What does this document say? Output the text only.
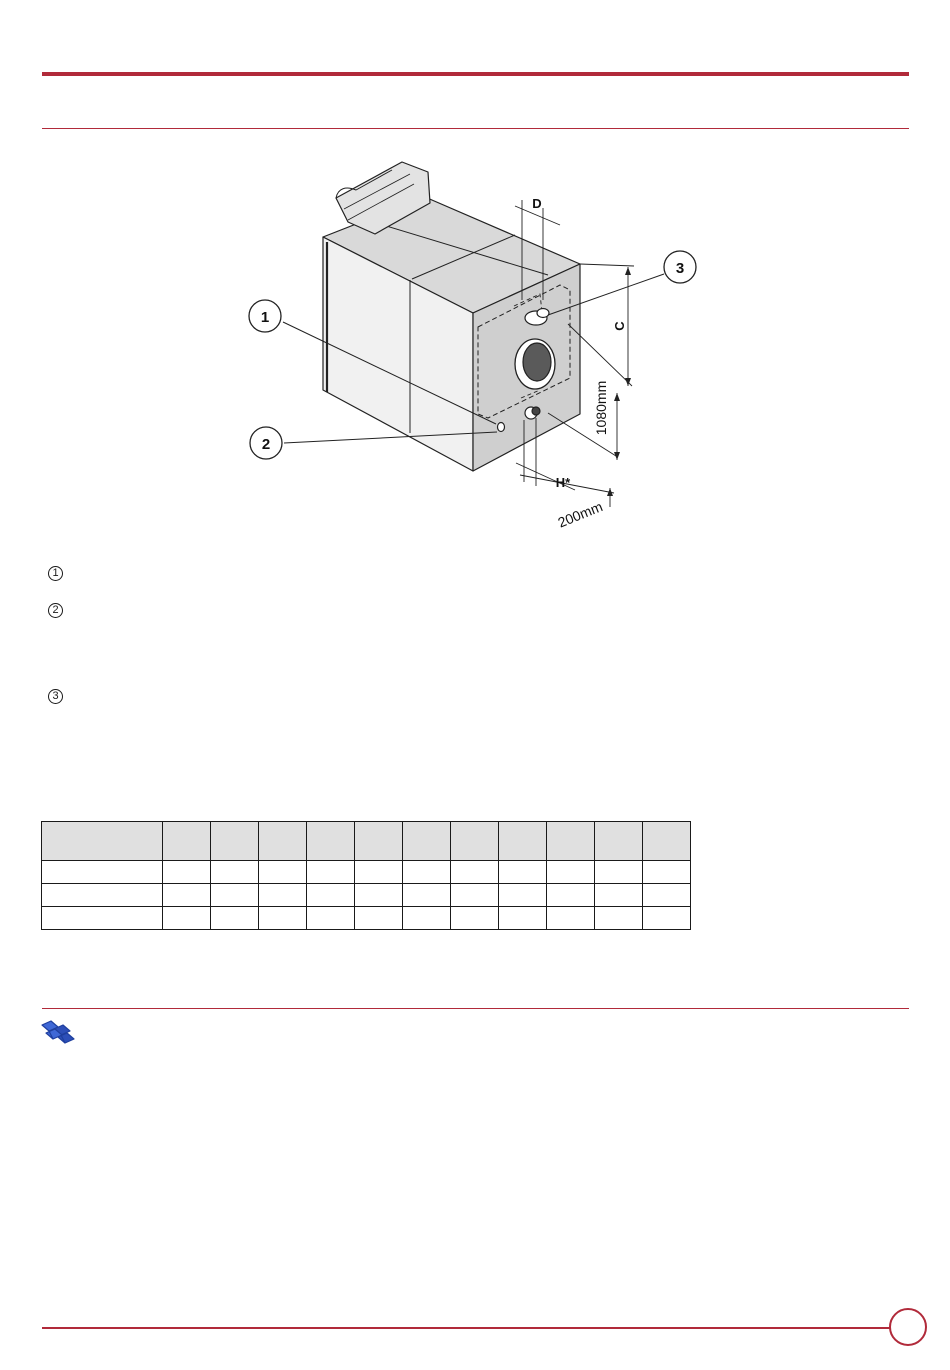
1
2
3
D
C
1080mm
H*
200mm
1
2
3
